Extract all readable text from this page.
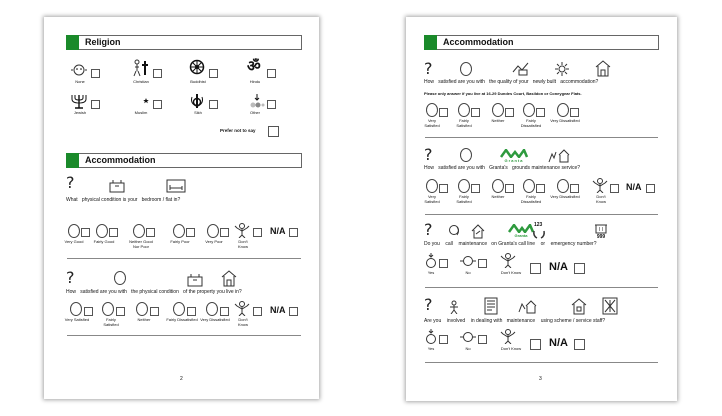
Religion
None	Christian	Buddhist
ॐ
Hindu
Jewish	Muslim	Sikh	Other
Prefer not to say
Accommodation
?
What physical condition is your bedroom / flat in?
Very Good	Fairly Good	Neither Good Nor Poor
Fairly Poor	Very Poor	Don't Know
N/A
?
How satisfied are you with the physical condition of the property you live in?
Very Satisfied	Fairly Satisfied
Neither	Fairly Dissatisfied Very Dissatisfied	Don't Know
N/A
2
Accommodation
?
How satisfied are you with the quality of your newly built accommodation?
Please only answer if you live at 16-29 Dundes Court, Basildon or Coneygear Flats.
Very Satisfied
Fairly Satisfied
Neither	Fairly Dissatisfied
Very Dissatisfied
?	Granta
How satisfied are you with Granta's grounds maintenance service?
Very Satisfied
Fairly Satisfied
Neither	Fairly Dissatisfied
Very Dissatisfied	Don't Know
N/A
?	Granta
123
999
Do you call maintenance on Granta's call line or emergency number?
Yes	No	Don't Know	N/A
?
Are you involved in dealing with maintenance using scheme / service staff?
Yes	No	Don't Know	N/A
3
